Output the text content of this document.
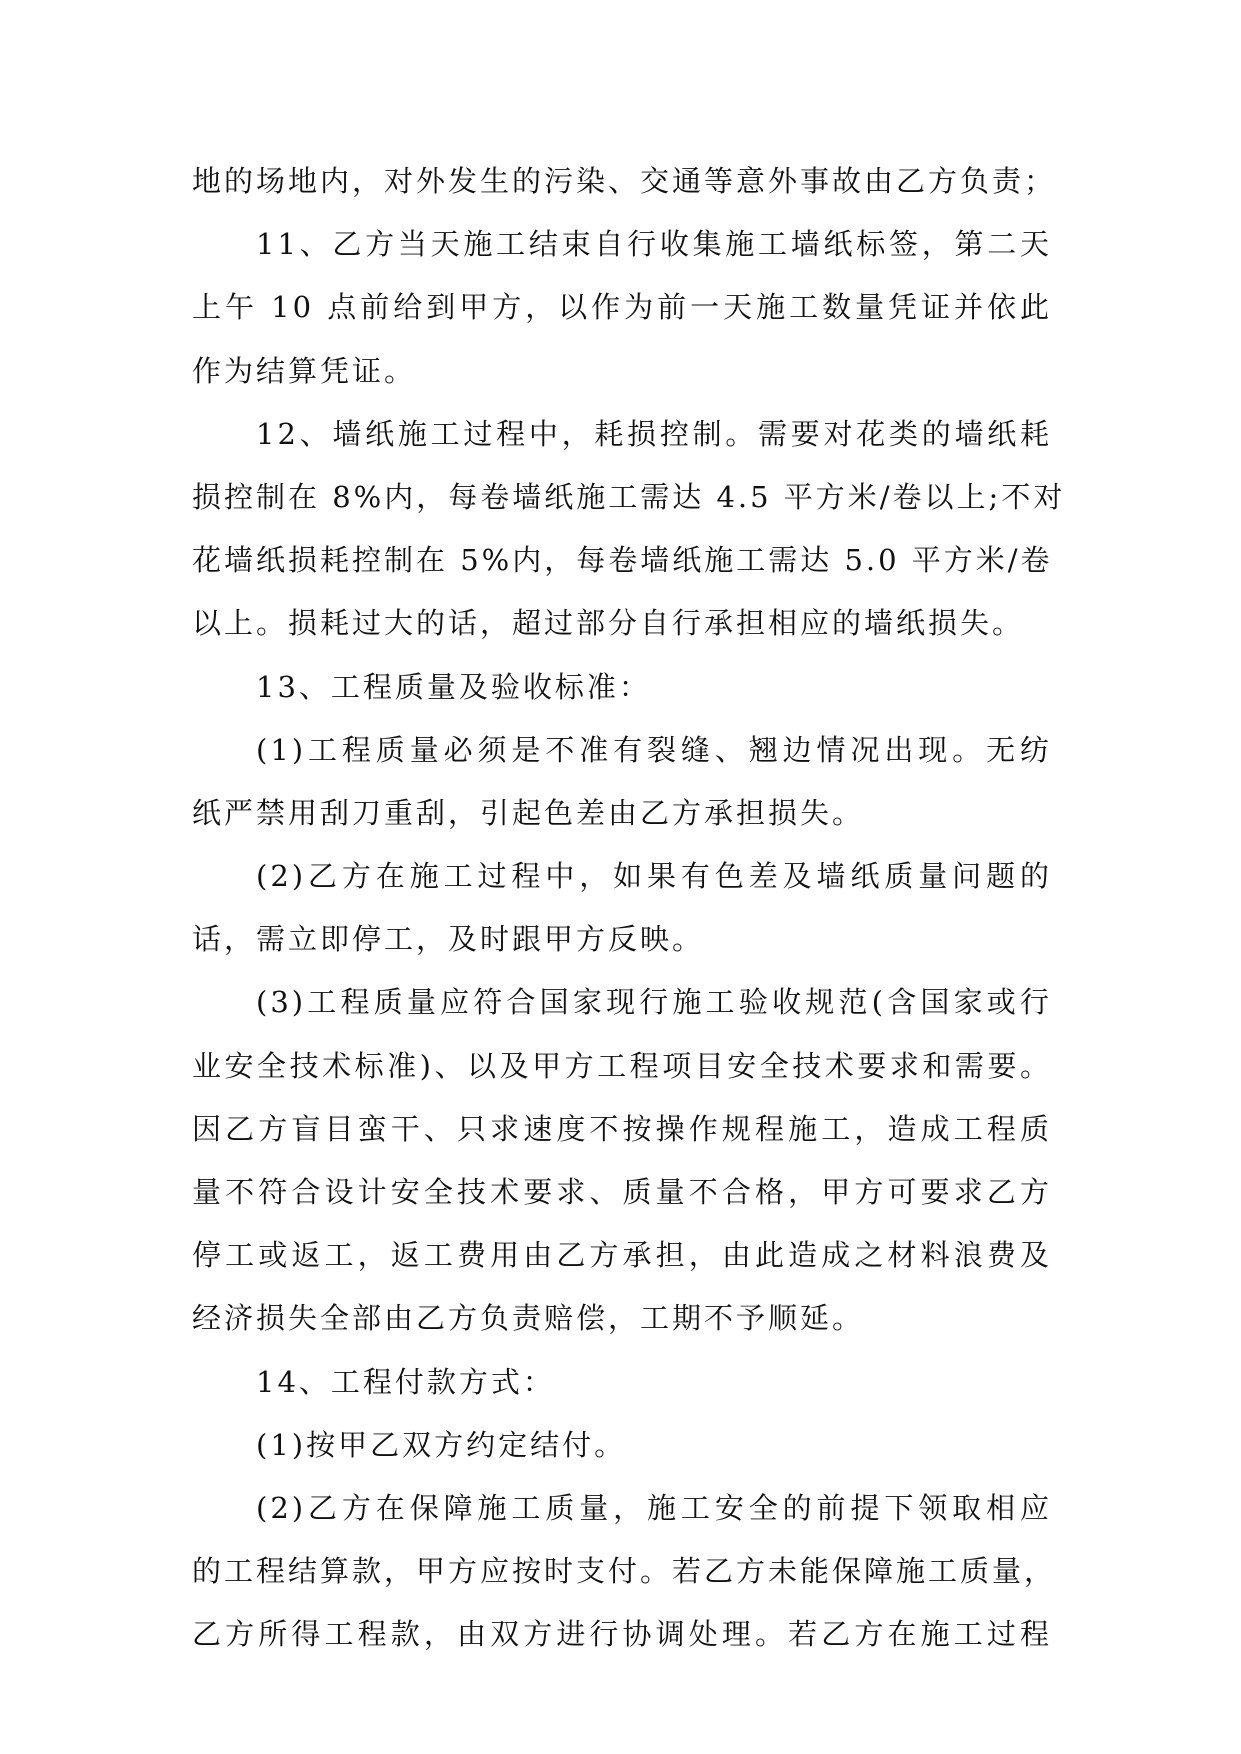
地的场地内，对外发生的污染、交通等意外事故由乙方负责；
11、乙方当天施工结束自行收集施工墙纸标签，第二天
上午 10 点前给到甲方，以作为前一天施工数量凭证并依此
作为结算凭证。
12、墙纸施工过程中，耗损控制。需要对花类的墙纸耗
损控制在 8%内，每卷墙纸施工需达 4.5 平方米/卷以上;不对
花墙纸损耗控制在 5%内，每卷墙纸施工需达 5.0 平方米/卷
以上。损耗过大的话，超过部分自行承担相应的墙纸损失。
13、工程质量及验收标准：
(1)工程质量必须是不准有裂缝、翘边情况出现。无纺
纸严禁用刮刀重刮，引起色差由乙方承担损失。
(2)乙方在施工过程中，如果有色差及墙纸质量问题的
话，需立即停工，及时跟甲方反映。
(3)工程质量应符合国家现行施工验收规范(含国家或行
业安全技术标准)、以及甲方工程项目安全技术要求和需要。
因乙方盲目蛮干、只求速度不按操作规程施工，造成工程质
量不符合设计安全技术要求、质量不合格，甲方可要求乙方
停工或返工，返工费用由乙方承担，由此造成之材料浪费及
经济损失全部由乙方负责赔偿，工期不予顺延。
14、工程付款方式：
(1)按甲乙双方约定结付。
(2)乙方在保障施工质量，施工安全的前提下领取相应
的工程结算款，甲方应按时支付。若乙方未能保障施工质量，
乙方所得工程款，由双方进行协调处理。若乙方在施工过程
